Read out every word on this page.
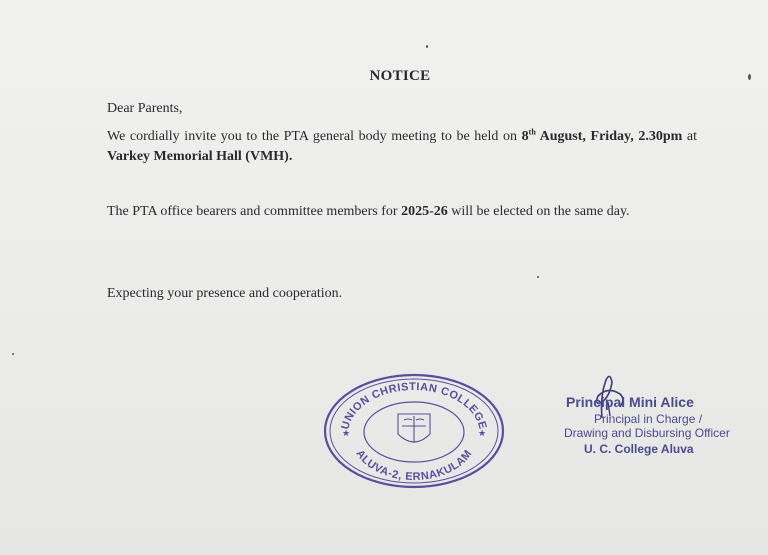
NOTICE
Dear Parents,
We cordially invite you to the PTA general body meeting to be held on 8th August, Friday, 2.30pm at Varkey Memorial Hall (VMH).
The PTA office bearers and committee members for 2025-26 will be elected on the same day.
Expecting your presence and cooperation.
UNION CHRISTIAN COLLEGE
ALUVA-2, ERNAKULAM
★	★
Principal Mini Alice
Principal in Charge /
Drawing and Disbursing Officer
U. C. College Aluva
